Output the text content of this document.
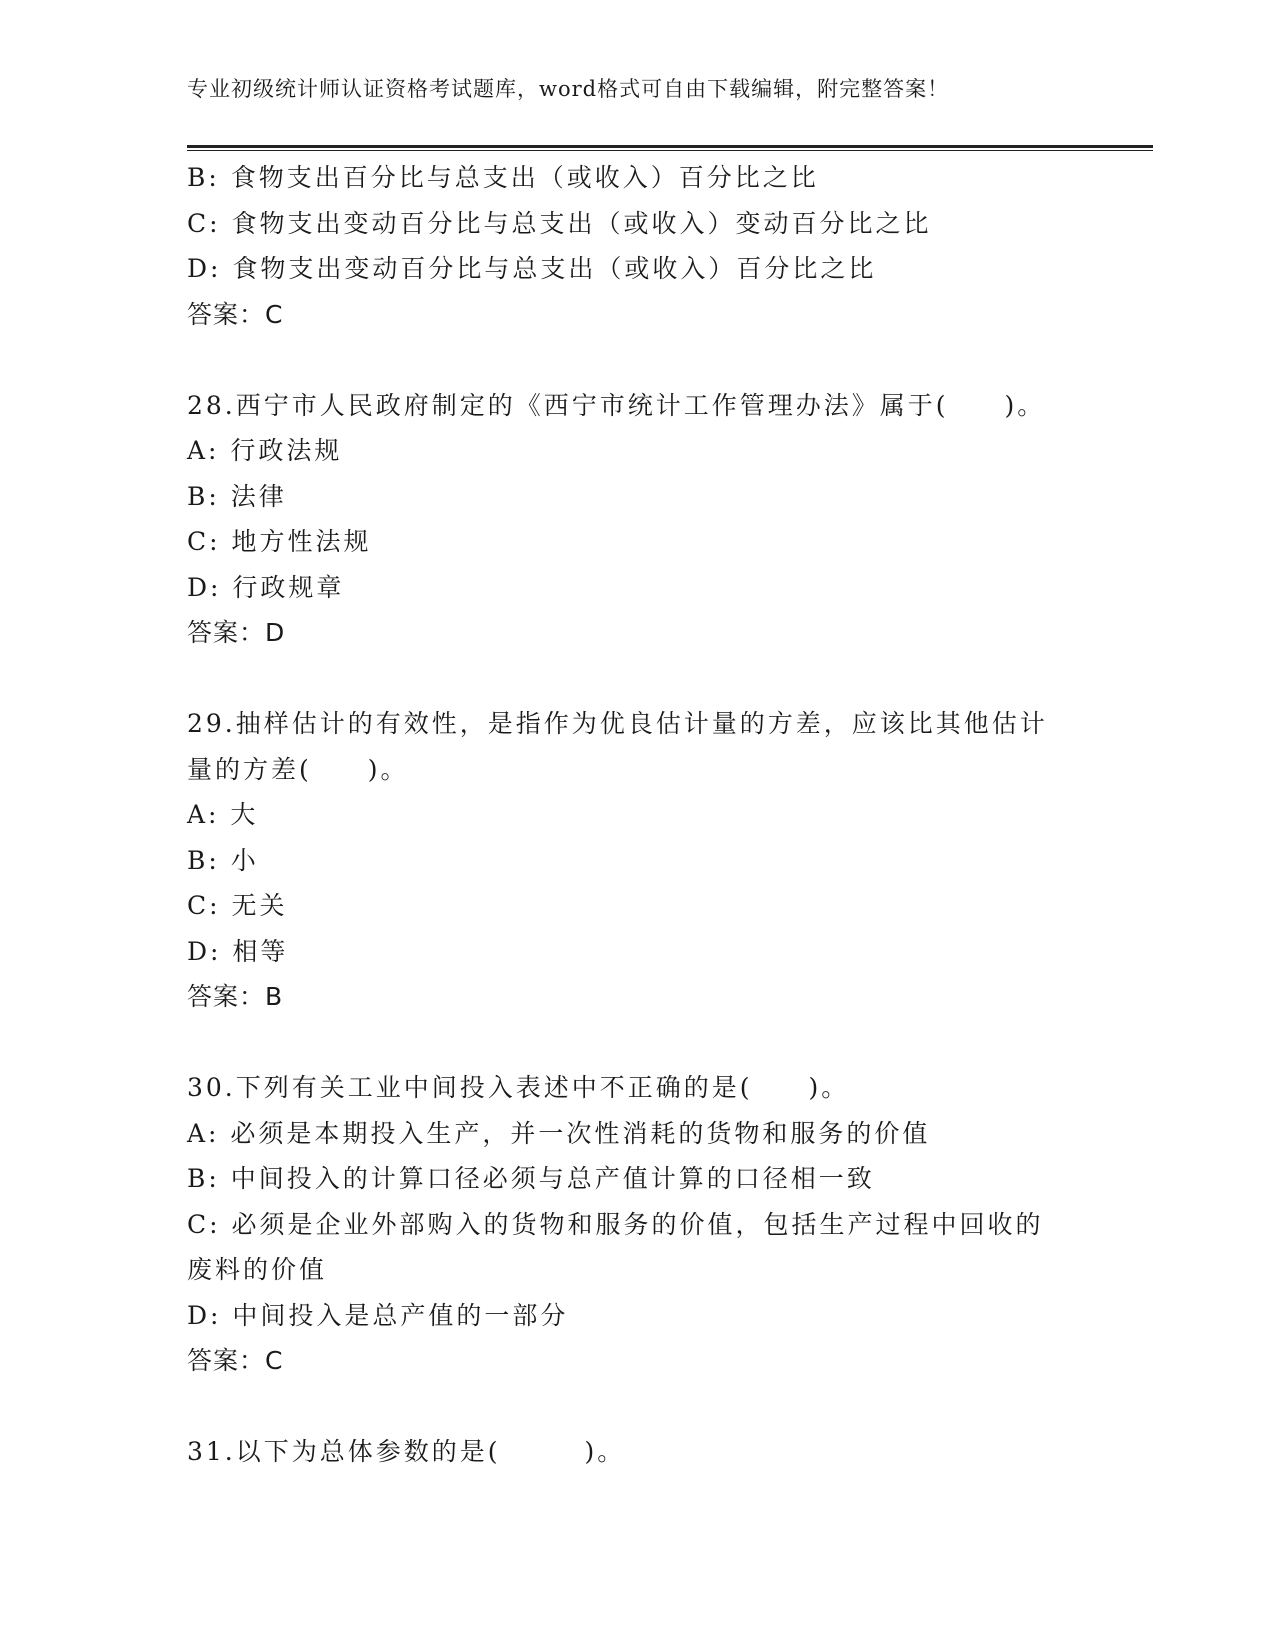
专业初级统计师认证资格考试题库，word格式可自由下载编辑，附完整答案！
B: 食物支出百分比与总支出（或收入）百分比之比
C: 食物支出变动百分比与总支出（或收入）变动百分比之比
D: 食物支出变动百分比与总支出（或收入）百分比之比
答案：C
28.西宁市人民政府制定的《西宁市统计工作管理办法》属于(　　)。
A: 行政法规
B: 法律
C: 地方性法规
D: 行政规章
答案：D
29.抽样估计的有效性，是指作为优良估计量的方差，应该比其他估计
量的方差(　　)。
A: 大
B: 小
C: 无关
D: 相等
答案：B
30.下列有关工业中间投入表述中不正确的是(　　)。
A: 必须是本期投入生产，并一次性消耗的货物和服务的价值
B: 中间投入的计算口径必须与总产值计算的口径相一致
C: 必须是企业外部购入的货物和服务的价值，包括生产过程中回收的
废料的价值
D: 中间投入是总产值的一部分
答案：C
31.以下为总体参数的是(　　　)。
